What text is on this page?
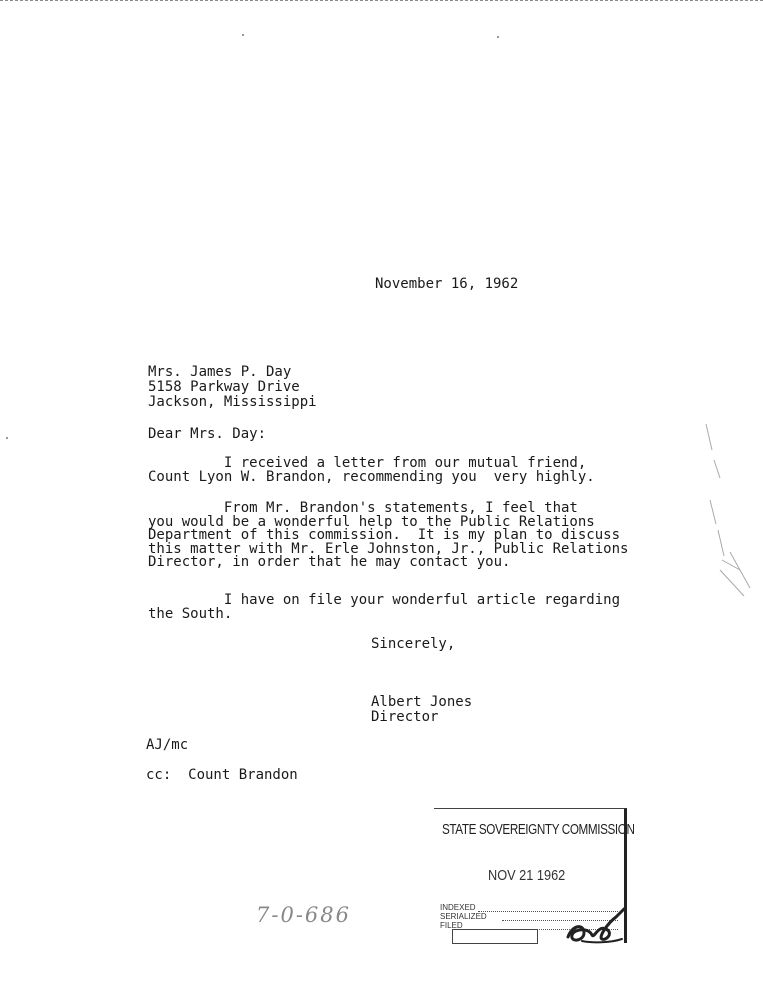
November 16, 1962
Mrs. James P. Day
5158 Parkway Drive
Jackson, Mississippi
Dear Mrs. Day:
I received a letter from our mutual friend,
Count Lyon W. Brandon, recommending you  very highly.
From Mr. Brandon's statements, I feel that
you would be a wonderful help to the Public Relations
Department of this commission.  It is my plan to discuss
this matter with Mr. Erle Johnston, Jr., Public Relations
Director, in order that he may contact you.
I have on file your wonderful article regarding
the South.
Sincerely,
Albert Jones
Director
AJ/mc
cc:  Count Brandon
STATE SOVEREIGNTY COMMISSION
NOV 21 1962
INDEXED
SERIALIZED
FILED
7-0-686
